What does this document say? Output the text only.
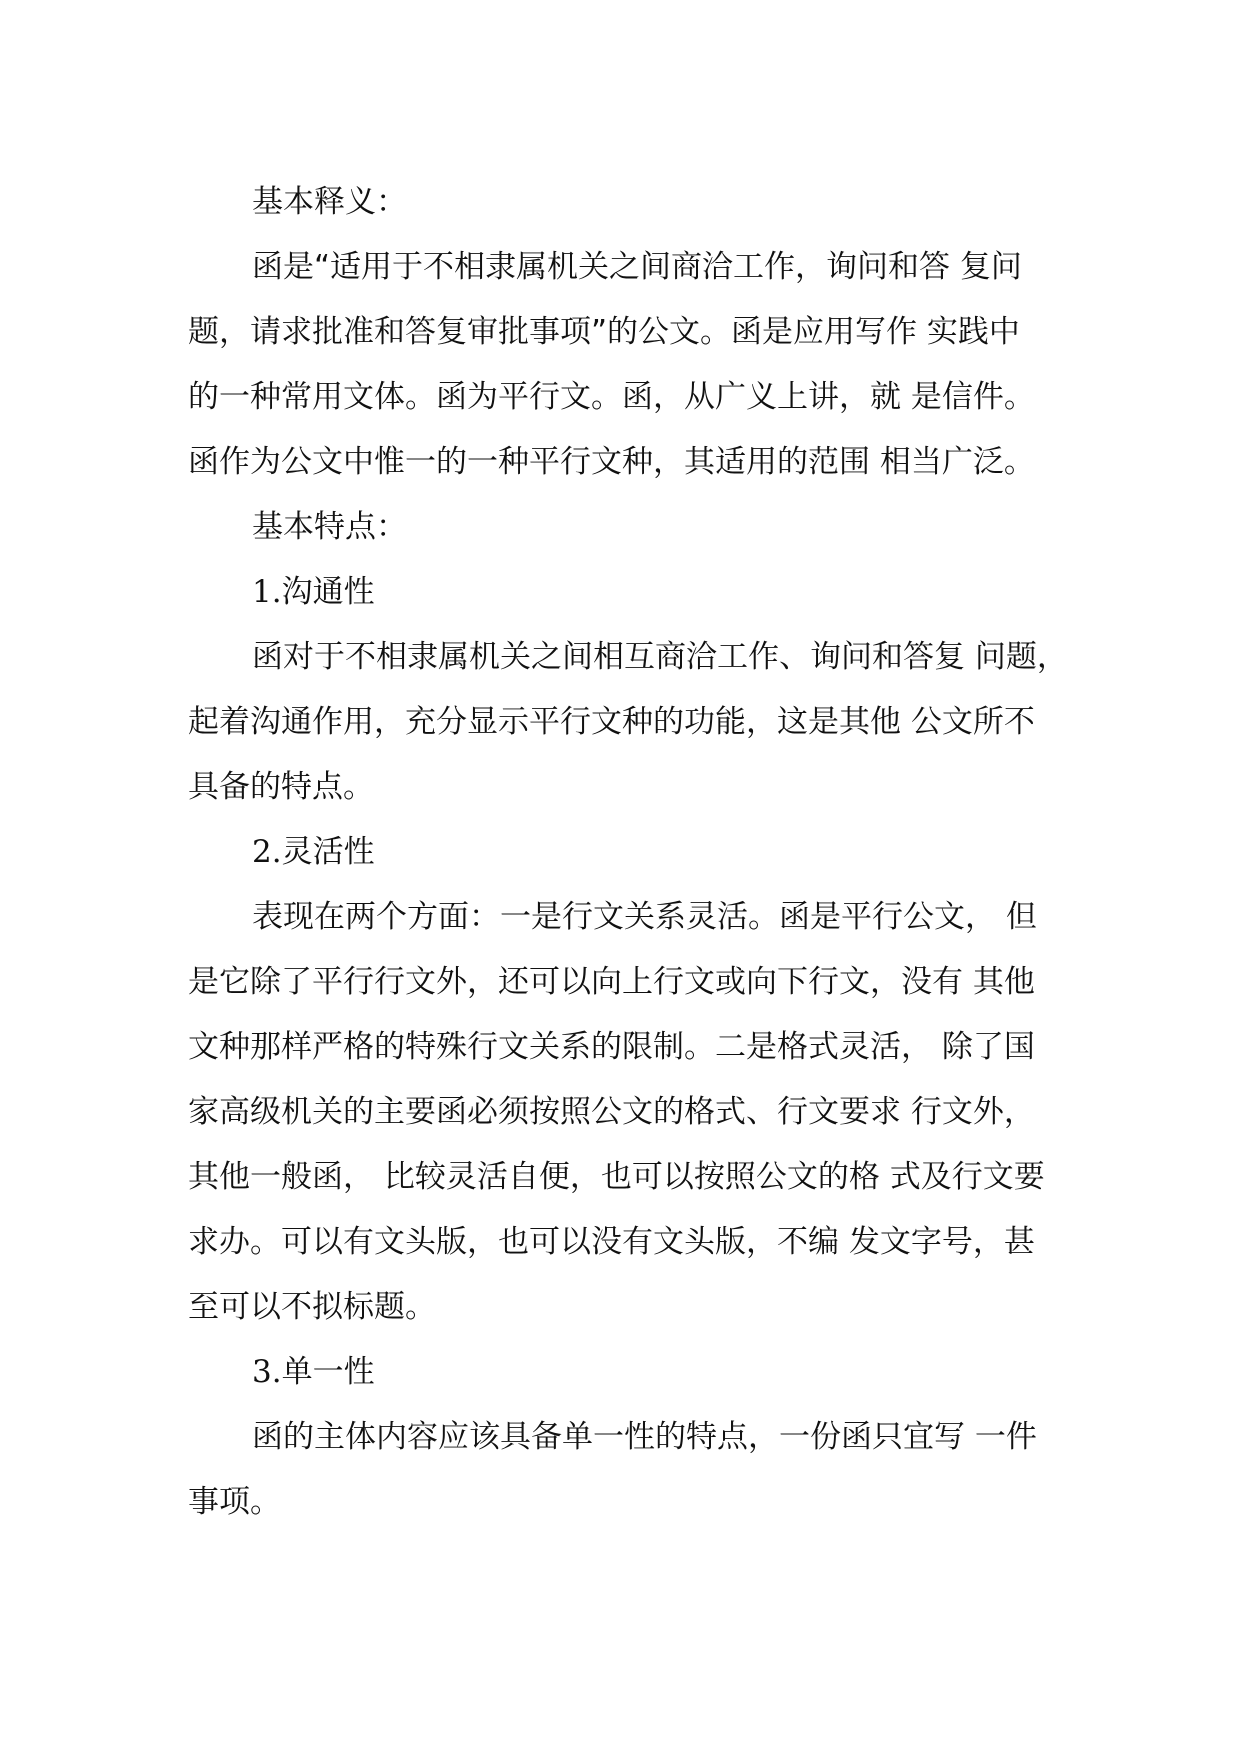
基本释义：
函是“适用于不相隶属机关之间商洽工作，询问和答 复问
题，请求批准和答复审批事项”的公文。函是应用写作 实践中
的一种常用文体。函为平行文。函，从广义上讲，就 是信件。
函作为公文中惟一的一种平行文种，其适用的范围 相当广泛。
基本特点：
1.沟通性
函对于不相隶属机关之间相互商洽工作、询问和答复 问题，
起着沟通作用，充分显示平行文种的功能，这是其他 公文所不
具备的特点。
2.灵活性
表现在两个方面：一是行文关系灵活。函是平行公文， 但
是它除了平行行文外，还可以向上行文或向下行文，没有 其他
文种那样严格的特殊行文关系的限制。二是格式灵活， 除了国
家高级机关的主要函必须按照公文的格式、行文要求 行文外，
其他一般函， 比较灵活自便，也可以按照公文的格 式及行文要
求办。可以有文头版，也可以没有文头版，不编 发文字号，甚
至可以不拟标题。
3.单一性
函的主体内容应该具备单一性的特点，一份函只宜写 一件
事项。
